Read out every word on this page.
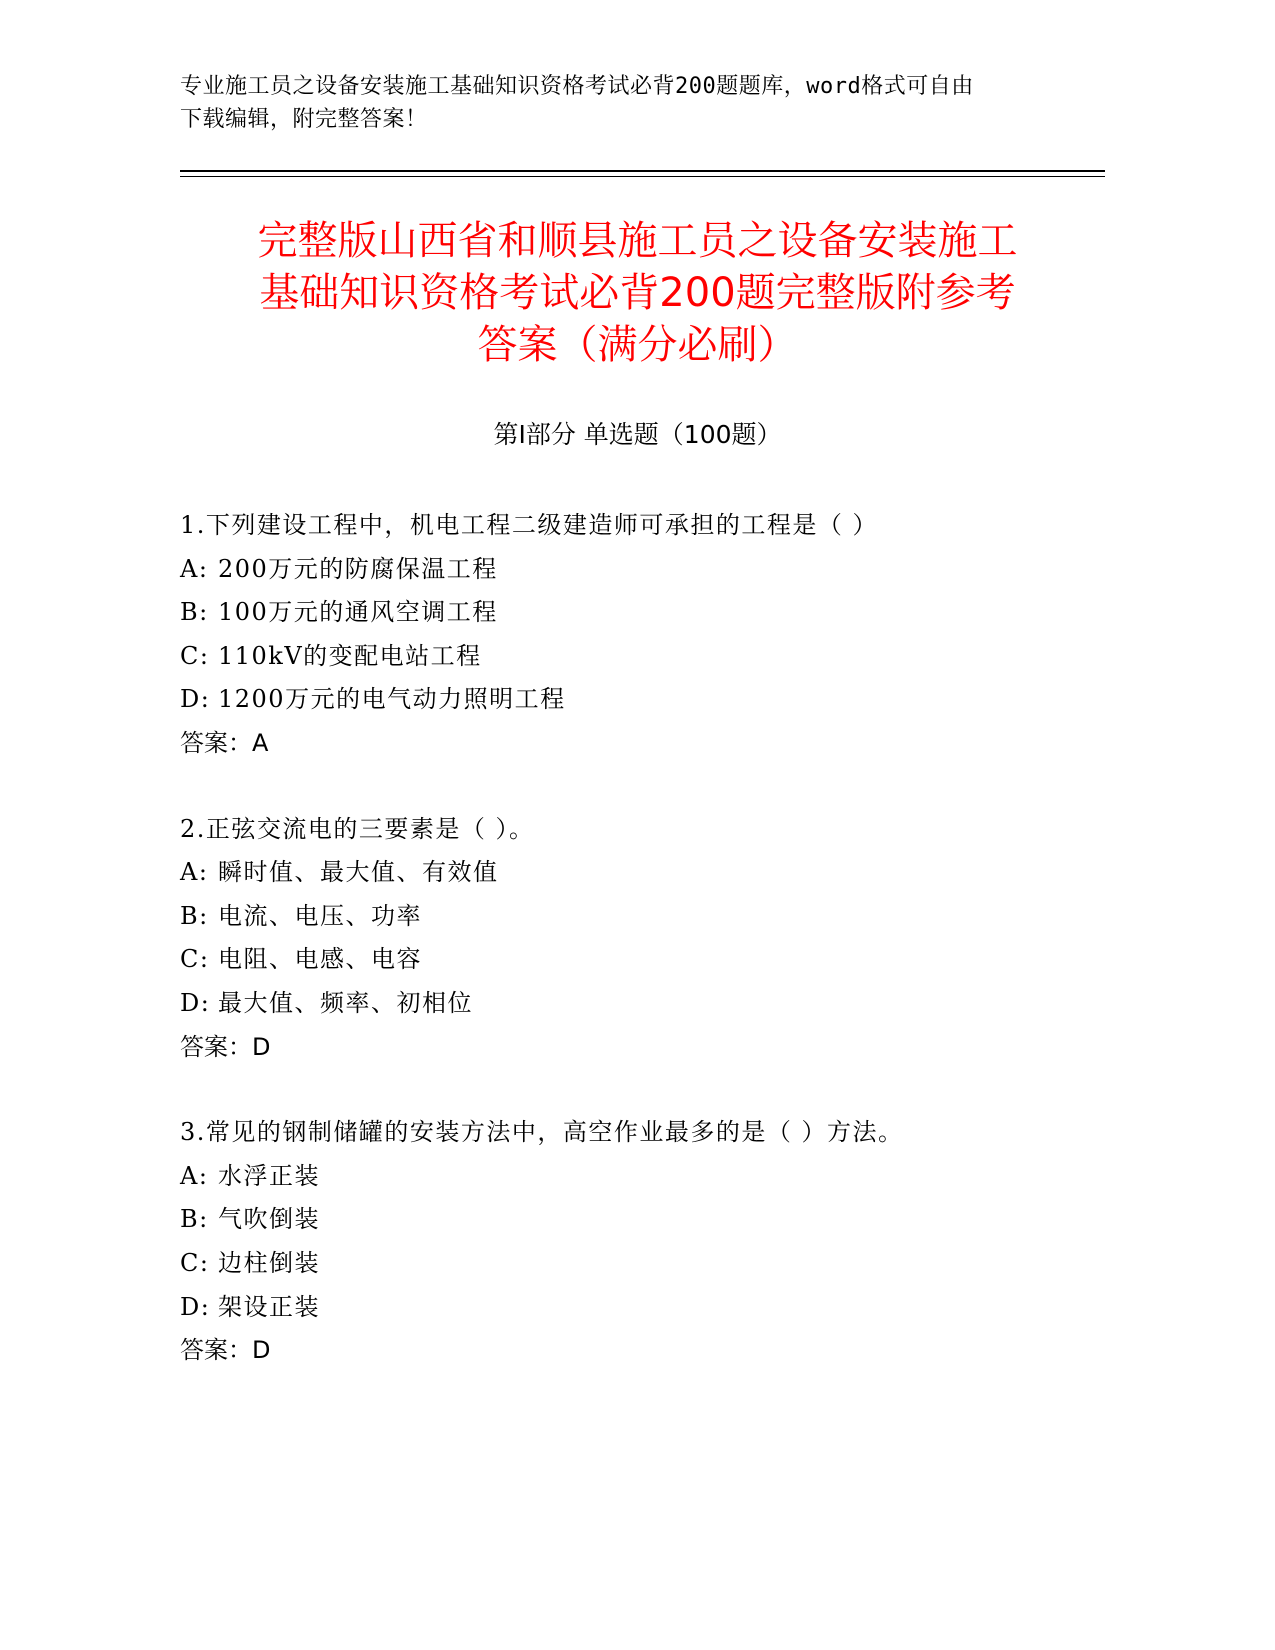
专业施工员之设备安装施工基础知识资格考试必背200题题库，word格式可自由
下载编辑，附完整答案！
完整版山西省和顺县施工员之设备安装施工
基础知识资格考试必背200题完整版附参考
答案（满分必刷）
第Ⅰ部分 单选题（100题）
1.下列建设工程中，机电工程二级建造师可承担的工程是（ ）
A: 200万元的防腐保温工程
B: 100万元的通风空调工程
C: 110kV的变配电站工程
D: 1200万元的电气动力照明工程
答案：A
2.正弦交流电的三要素是（ ）。
A: 瞬时值、最大值、有效值
B: 电流、电压、功率
C: 电阻、电感、电容
D: 最大值、频率、初相位
答案：D
3.常见的钢制储罐的安装方法中，高空作业最多的是（ ）方法。
A: 水浮正装
B: 气吹倒装
C: 边柱倒装
D: 架设正装
答案：D
